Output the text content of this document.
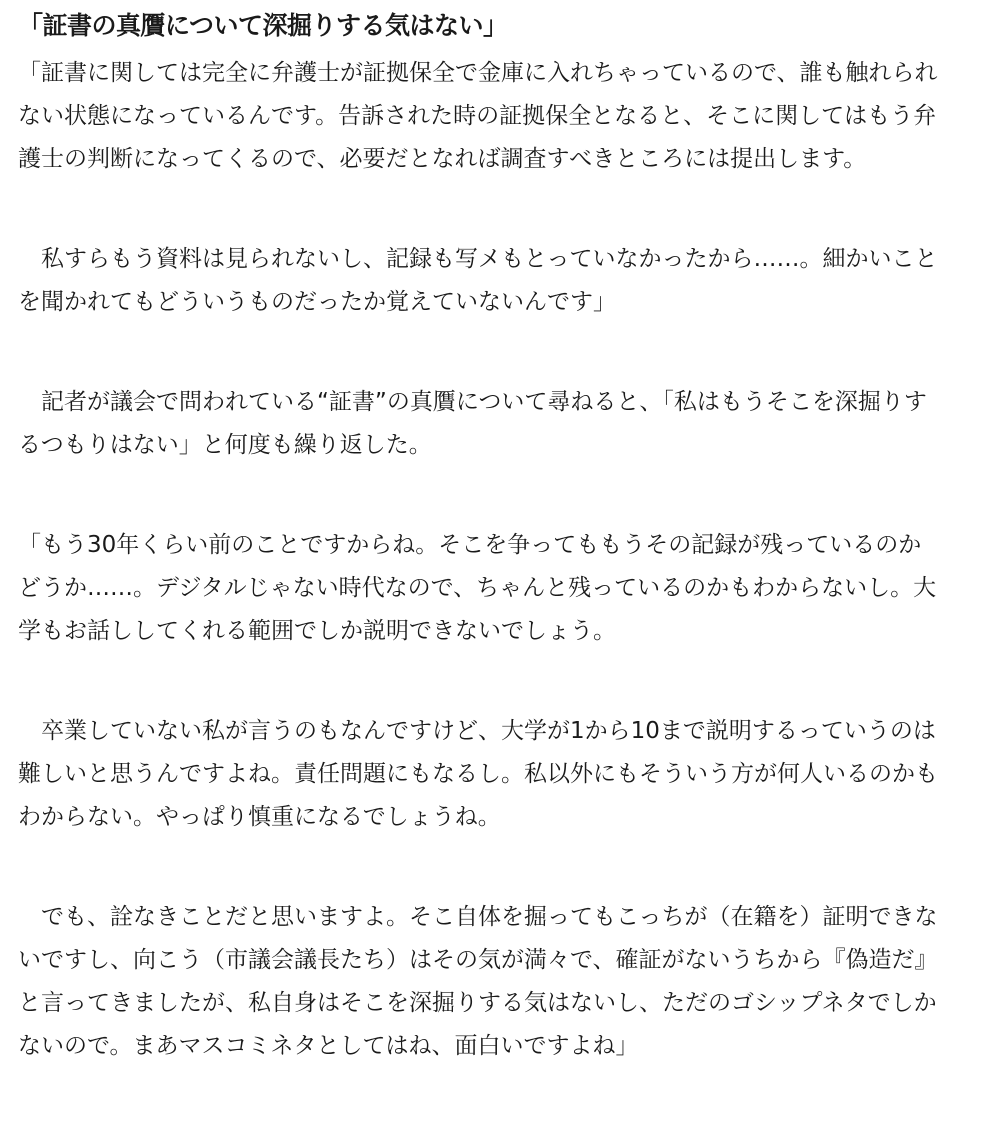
「証書の真贋について深掘りする気はない」

「証書に関しては完全に弁護士が証拠保全で金庫に入れちゃっているので、誰も触れられ
ない状態になっているんです。告訴された時の証拠保全となると、そこに関してはもう弁
護士の判断になってくるので、必要だとなれば調査すべきところには提出します。

　私すらもう資料は見られないし、記録も写メもとっていなかったから……。細かいこと
を聞かれてもどういうものだったか覚えていないんです」

　記者が議会で問われている“証書”の真贋について尋ねると、「私はもうそこを深掘りす
るつもりはない」と何度も繰り返した。

「もう30年くらい前のことですからね。そこを争ってももうその記録が残っているのか
どうか……。デジタルじゃない時代なので、ちゃんと残っているのかもわからないし。大
学もお話ししてくれる範囲でしか説明できないでしょう。

　卒業していない私が言うのもなんですけど、大学が1から10まで説明するっていうのは
難しいと思うんですよね。責任問題にもなるし。私以外にもそういう方が何人いるのかも
わからない。やっぱり慎重になるでしょうね。

　でも、詮なきことだと思いますよ。そこ自体を掘ってもこっちが（在籍を）証明できな
いですし、向こう（市議会議長たち）はその気が満々で、確証がないうちから『偽造だ』
と言ってきましたが、私自身はそこを深掘りする気はないし、ただのゴシップネタでしか
ないので。まあマスコミネタとしてはね、面白いですよね」
